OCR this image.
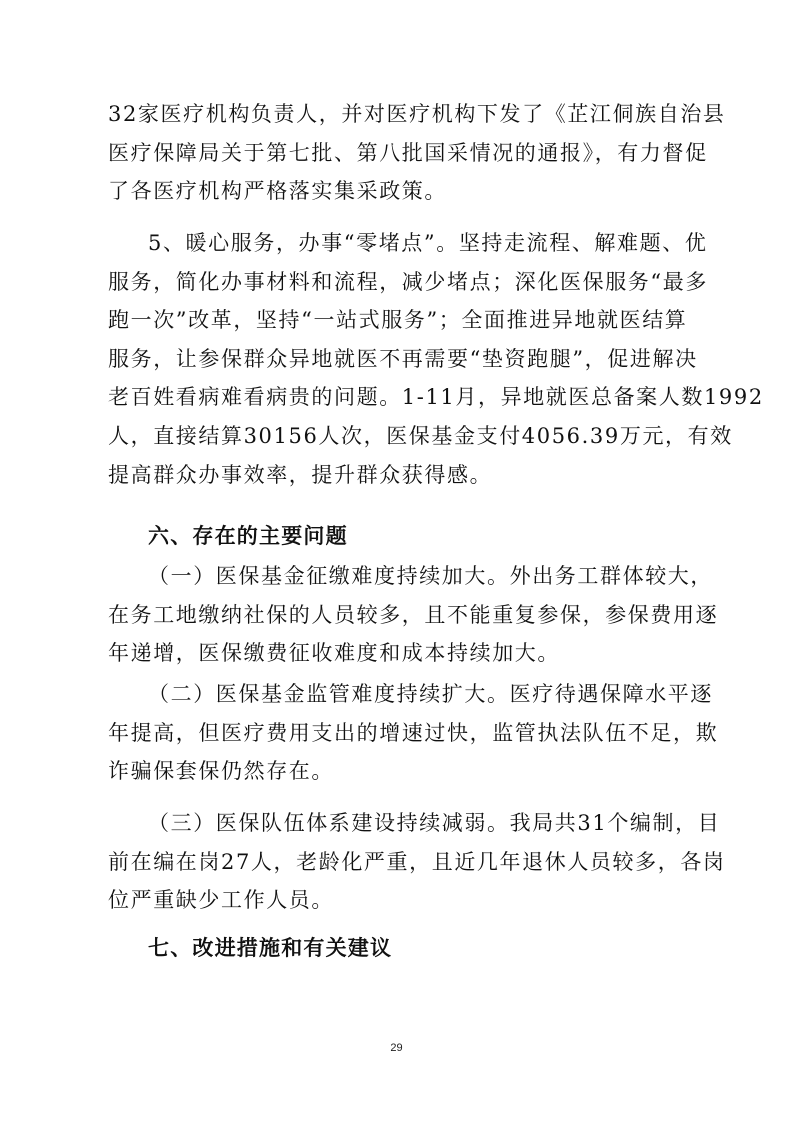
32家医疗机构负责人，并对医疗机构下发了《芷江侗族自治县
医疗保障局关于第七批、第八批国采情况的通报》，有力督促
了各医疗机构严格落实集采政策。
5、暖心服务，办事“零堵点”。坚持走流程、解难题、优
服务，简化办事材料和流程，减少堵点；深化医保服务“最多
跑一次”改革，坚持“一站式服务”；全面推进异地就医结算
服务，让参保群众异地就医不再需要“垫资跑腿”，促进解决
老百姓看病难看病贵的问题。1-11月，异地就医总备案人数1992
人，直接结算30156人次，医保基金支付4056.39万元，有效
提高群众办事效率，提升群众获得感。
六、存在的主要问题
（一）医保基金征缴难度持续加大。外出务工群体较大，
在务工地缴纳社保的人员较多，且不能重复参保，参保费用逐
年递增，医保缴费征收难度和成本持续加大。
（二）医保基金监管难度持续扩大。医疗待遇保障水平逐
年提高，但医疗费用支出的增速过快，监管执法队伍不足，欺
诈骗保套保仍然存在。
（三）医保队伍体系建设持续减弱。我局共31个编制，目
前在编在岗27人，老龄化严重，且近几年退休人员较多，各岗
位严重缺少工作人员。
七、改进措施和有关建议
29
